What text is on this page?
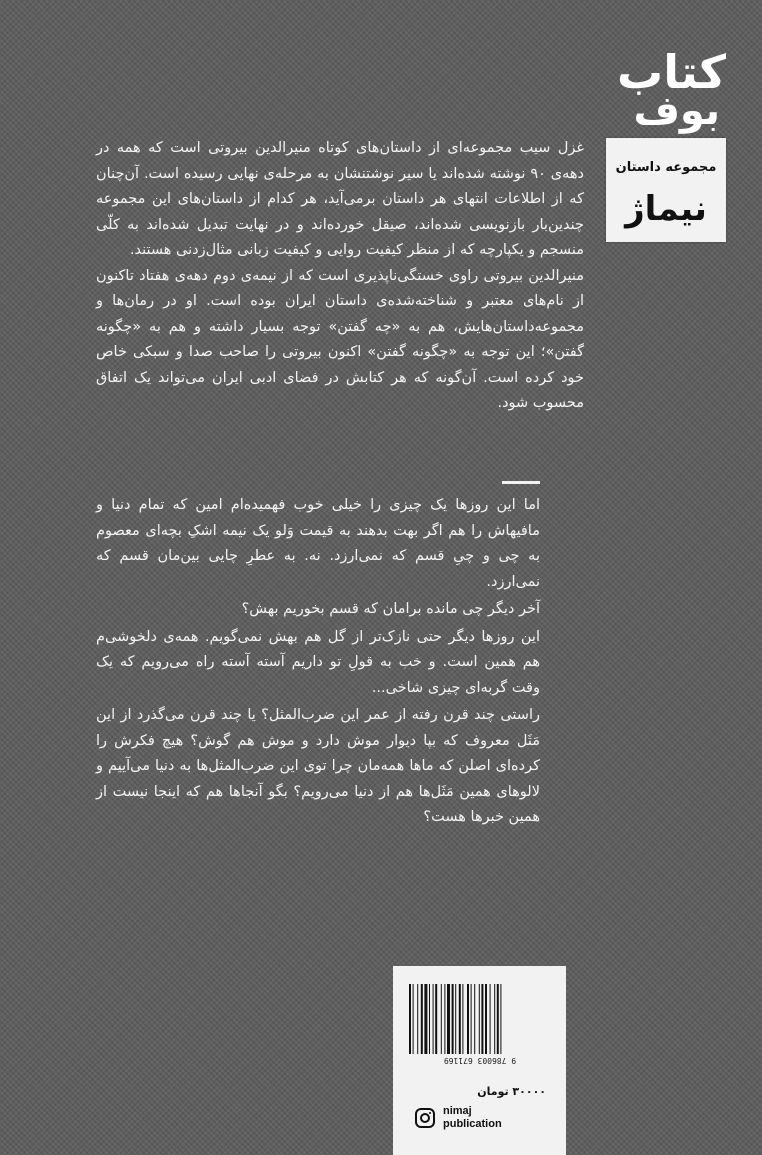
کتاب
بوف
مجموعه داستان
نیماژ

غزل سیب مجموعه‌ای از داستان‌های کوتاه منیرالدین بیروتی است که همه در دهه‌ی ۹۰ نوشته شده‌اند یا سیر نوشتنشان به مرحله‌ی نهایی رسیده است. آن‌چنان که از اطلاعات انتهای هر داستان برمی‌آید، هر کدام از داستان‌های این مجموعه چندین‌بار بازنویسی شده‌اند، صیقل خورده‌اند و در نهایت تبدیل شده‌اند به کلّی منسجم و یکپارچه که از منظر کیفیت روایی و کیفیت زبانی مثال‌زدنی هستند.

منیرالدین بیروتی راوی خستگی‌ناپذیری است که از نیمه‌ی دوم دهه‌ی هفتاد تاکنون از نام‌های معتبر و شناخته‌شده‌ی داستان ایران بوده است. او در رمان‌ها و مجموعه‌داستان‌هایش، هم به «چه گفتن» توجه بسیار داشته و هم به «چگونه گفتن»؛ این توجه به «چگونه گفتن» اکنون بیروتی را صاحب صدا و سبکی خاص خود کرده است. آن‌گونه که هر کتابش در فضای ادبی ایران می‌تواند یک اتفاق محسوب شود.

اما این روزها یک چیزی را خیلی خوب فهمیده‌ام امین که تمام دنیا و مافیهاش را هم اگر بهت بدهند به قیمت وَلو یک نیمه اشکِ بچه‌ای معصوم به چی و چیِ قسم که نمی‌ارزد. نه. به عطرِ چایی بین‌مان قسم که نمی‌ارزد.

آخر دیگر چی مانده برامان که قسم بخوریم بهش؟

این روزها دیگر حتی نازک‌تر از گل هم بهش نمی‌گویم. همه‌ی دلخوشی‌م هم همین است. و خب به قولِ تو داریم آسته آسته راه می‌رویم که یک وقت گربه‌ای چیزی شاخی...

راستی چند قرن رفته از عمر این ضرب‌المثل؟ یا چند قرن می‌گذرد از این مَثَل معروف که بپا دیوار موش دارد و موش هم گوش؟ هیچ فکرش را کرده‌ای اصلن که ماها همه‌مان چرا توی این ضرب‌المثل‌ها به دنیا می‌آییم و لالوهای همین مَثَل‌ها هم از دنیا می‌رویم؟ بگو آنجاها هم که اینجا نیست از همین خبرها هست؟

9 786003 671169
۳۰۰۰۰ تومان
nimaj
publication
